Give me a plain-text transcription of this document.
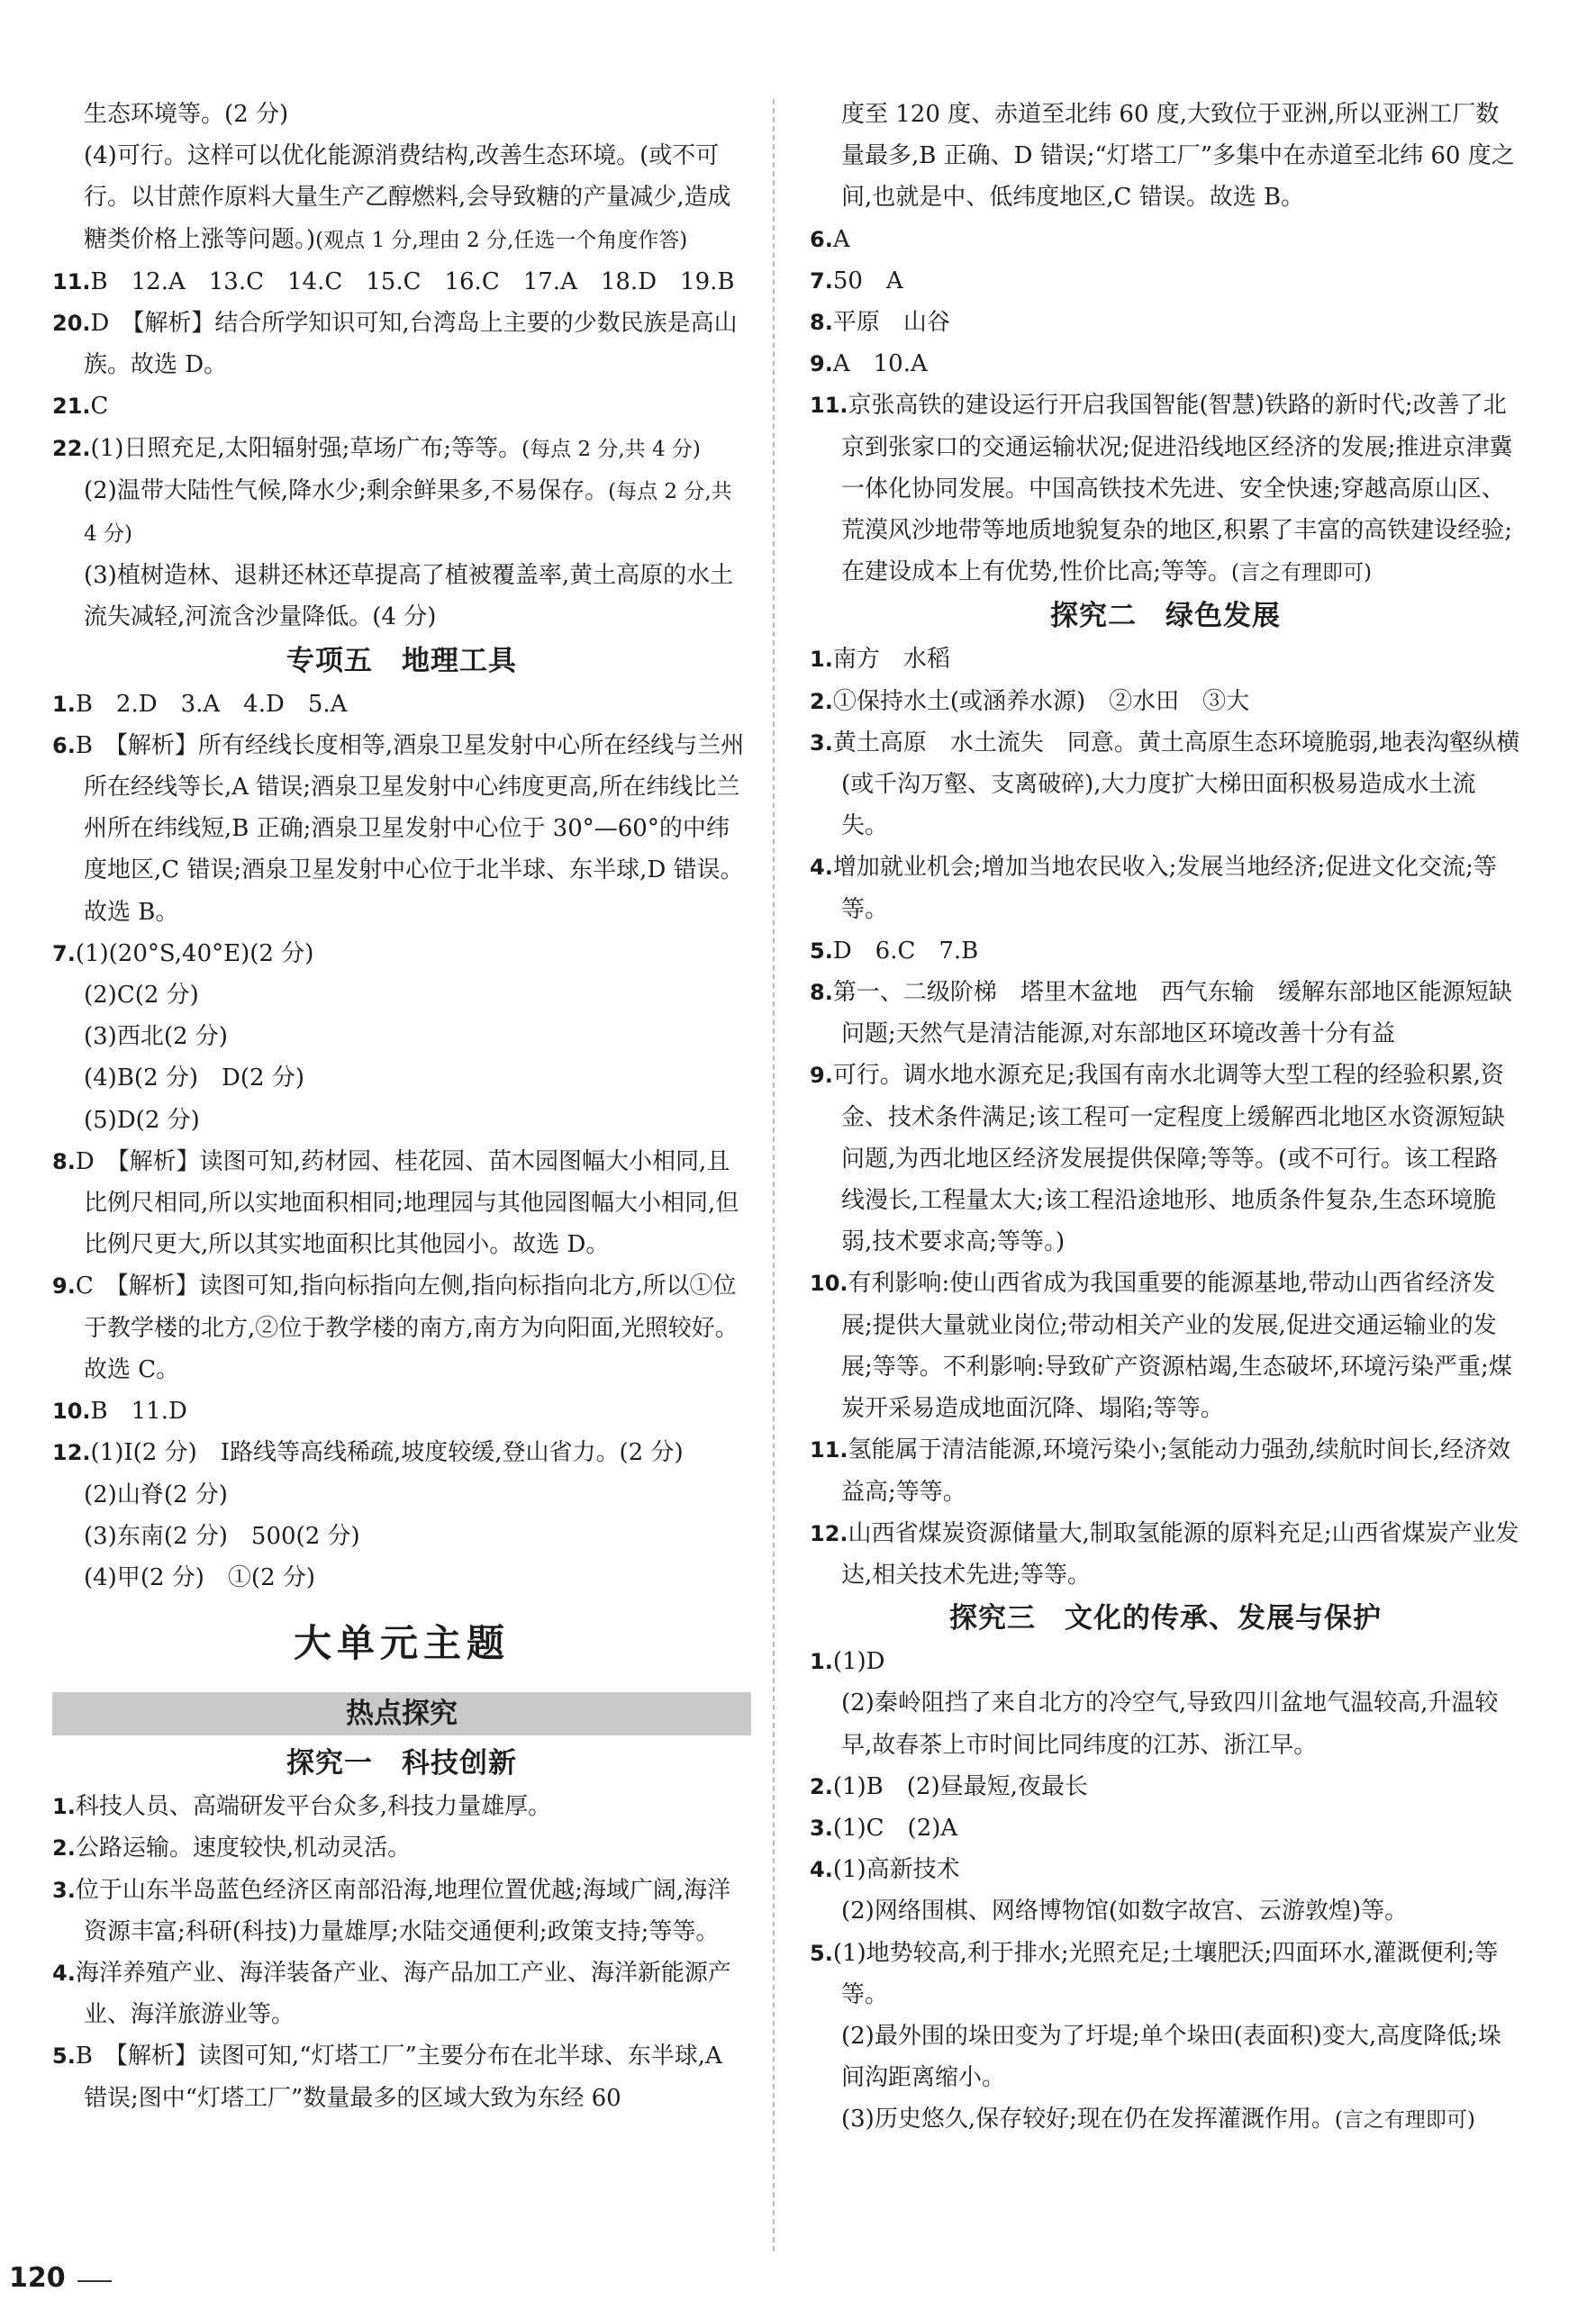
生态环境等。(2 分)

(4)可行。这样可以优化能源消费结构,改善生态环境。(或不可行。以甘蔗作原料大量生产乙醇燃料,会导致糖的产量减少,造成糖类价格上涨等问题。)(观点 1 分,理由 2 分,任选一个角度作答)

11.B　12.A　13.C　14.C　15.C　16.C　17.A　18.D　19.B

20.D　【解析】结合所学知识可知,台湾岛上主要的少数民族是高山族。故选 D。

21.C

22.(1)日照充足,太阳辐射强;草场广布;等等。(每点 2 分,共 4 分)

(2)温带大陆性气候,降水少;剩余鲜果多,不易保存。(每点 2 分,共 4 分)

(3)植树造林、退耕还林还草提高了植被覆盖率,黄土高原的水土流失减轻,河流含沙量降低。(4 分)

专项五　地理工具

1.B　2.D　3.A　4.D　5.A

6.B　【解析】所有经线长度相等,酒泉卫星发射中心所在经线与兰州所在经线等长,A 错误;酒泉卫星发射中心纬度更高,所在纬线比兰州所在纬线短,B 正确;酒泉卫星发射中心位于 30°—60°的中纬度地区,C 错误;酒泉卫星发射中心位于北半球、东半球,D 错误。故选 B。

7.(1)(20°S,40°E)(2 分)

(2)C(2 分)

(3)西北(2 分)

(4)B(2 分)　D(2 分)

(5)D(2 分)

8.D　【解析】读图可知,药材园、桂花园、苗木园图幅大小相同,且比例尺相同,所以实地面积相同;地理园与其他园图幅大小相同,但比例尺更大,所以其实地面积比其他园小。故选 D。

9.C　【解析】读图可知,指向标指向左侧,指向标指向北方,所以①位于教学楼的北方,②位于教学楼的南方,南方为向阳面,光照较好。故选 C。

10.B　11.D

12.(1)Ⅰ(2 分)　Ⅰ路线等高线稀疏,坡度较缓,登山省力。(2 分)

(2)山脊(2 分)

(3)东南(2 分)　500(2 分)

(4)甲(2 分)　①(2 分)

大单元主题

热点探究

探究一　科技创新

1.科技人员、高端研发平台众多,科技力量雄厚。

2.公路运输。速度较快,机动灵活。

3.位于山东半岛蓝色经济区南部沿海,地理位置优越;海域广阔,海洋资源丰富;科研(科技)力量雄厚;水陆交通便利;政策支持;等等。

4.海洋养殖产业、海洋装备产业、海产品加工产业、海洋新能源产业、海洋旅游业等。

5.B　【解析】读图可知,“灯塔工厂”主要分布在北半球、东半球,A 错误;图中“灯塔工厂”数量最多的区域大致为东经 60

度至 120 度、赤道至北纬 60 度,大致位于亚洲,所以亚洲工厂数量最多,B 正确、D 错误;“灯塔工厂”多集中在赤道至北纬 60 度之间,也就是中、低纬度地区,C 错误。故选 B。

6.A

7.50　A

8.平原　山谷

9.A　10.A

11.京张高铁的建设运行开启我国智能(智慧)铁路的新时代;改善了北京到张家口的交通运输状况;促进沿线地区经济的发展;推进京津冀一体化协同发展。中国高铁技术先进、安全快速;穿越高原山区、荒漠风沙地带等地质地貌复杂的地区,积累了丰富的高铁建设经验;在建设成本上有优势,性价比高;等等。(言之有理即可)

探究二　绿色发展

1.南方　水稻

2.①保持水土(或涵养水源)　②水田　③大

3.黄土高原　水土流失　同意。黄土高原生态环境脆弱,地表沟壑纵横(或千沟万壑、支离破碎),大力度扩大梯田面积极易造成水土流失。

4.增加就业机会;增加当地农民收入;发展当地经济;促进文化交流;等等。

5.D　6.C　7.B

8.第一、二级阶梯　塔里木盆地　西气东输　缓解东部地区能源短缺问题;天然气是清洁能源,对东部地区环境改善十分有益

9.可行。调水地水源充足;我国有南水北调等大型工程的经验积累,资金、技术条件满足;该工程可一定程度上缓解西北地区水资源短缺问题,为西北地区经济发展提供保障;等等。(或不可行。该工程路线漫长,工程量太大;该工程沿途地形、地质条件复杂,生态环境脆弱,技术要求高;等等。)

10.有利影响:使山西省成为我国重要的能源基地,带动山西省经济发展;提供大量就业岗位;带动相关产业的发展,促进交通运输业的发展;等等。不利影响:导致矿产资源枯竭,生态破坏,环境污染严重;煤炭开采易造成地面沉降、塌陷;等等。

11.氢能属于清洁能源,环境污染小;氢能动力强劲,续航时间长,经济效益高;等等。

12.山西省煤炭资源储量大,制取氢能源的原料充足;山西省煤炭产业发达,相关技术先进;等等。

探究三　文化的传承、发展与保护

1.(1)D

(2)秦岭阻挡了来自北方的冷空气,导致四川盆地气温较高,升温较早,故春茶上市时间比同纬度的江苏、浙江早。

2.(1)B　(2)昼最短,夜最长

3.(1)C　(2)A

4.(1)高新技术

(2)网络围棋、网络博物馆(如数字故宫、云游敦煌)等。

5.(1)地势较高,利于排水;光照充足;土壤肥沃;四面环水,灌溉便利;等等。

(2)最外围的垛田变为了圩堤;单个垛田(表面积)变大,高度降低;垛间沟距离缩小。

(3)历史悠久,保存较好;现在仍在发挥灌溉作用。(言之有理即可)

120
